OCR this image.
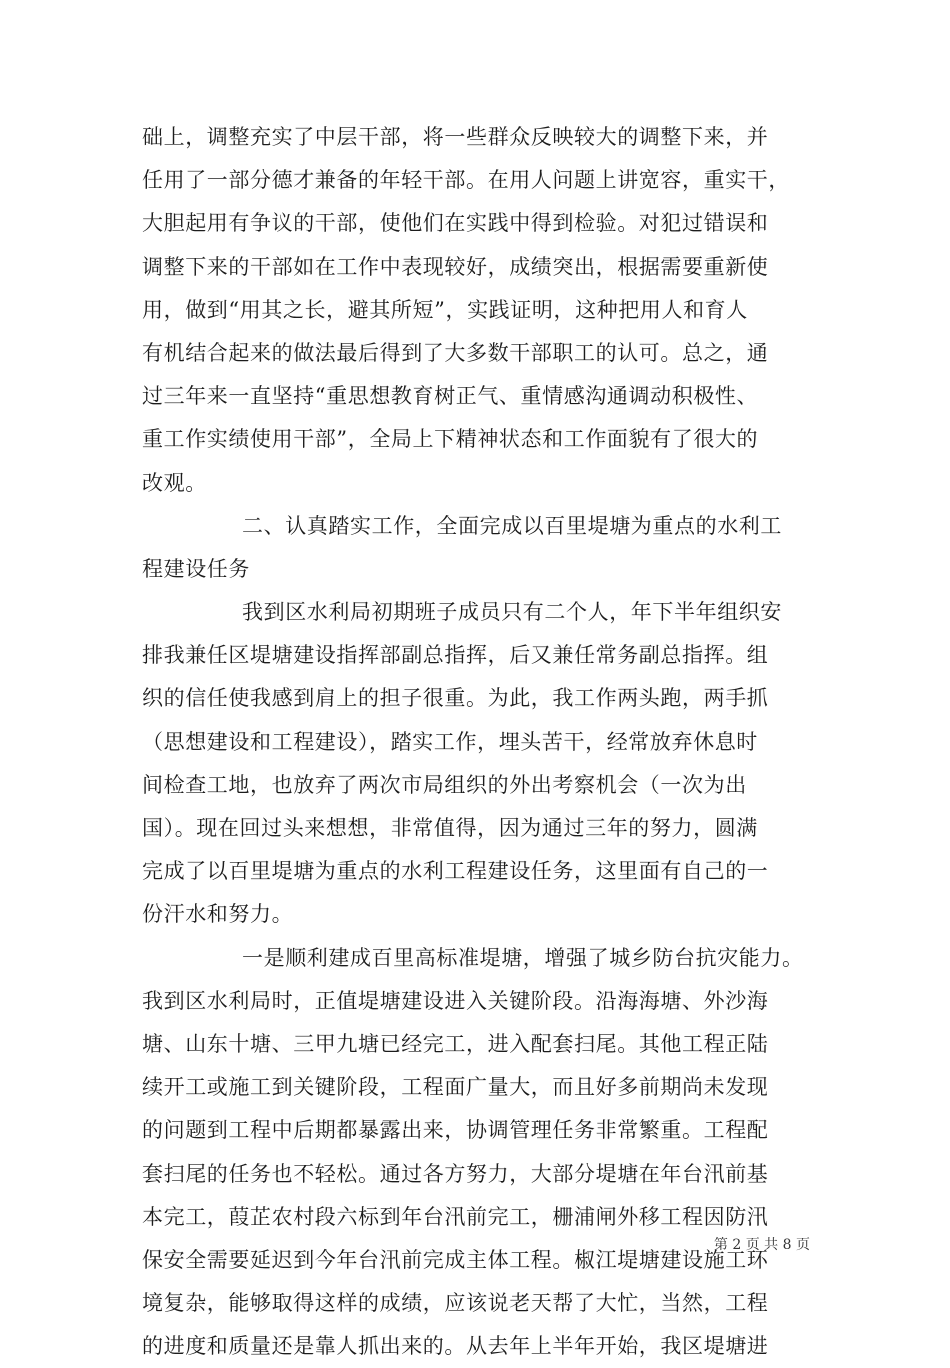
础上，调整充实了中层干部，将一些群众反映较大的调整下来，并
任用了一部分德才兼备的年轻干部。在用人问题上讲宽容，重实干，
大胆起用有争议的干部，使他们在实践中得到检验。对犯过错误和
调整下来的干部如在工作中表现较好，成绩突出，根据需要重新使
用，做到“用其之长，避其所短”，实践证明，这种把用人和育人
有机结合起来的做法最后得到了大多数干部职工的认可。总之，通
过三年来一直坚持“重思想教育树正气、重情感沟通调动积极性、
重工作实绩使用干部”，全局上下精神状态和工作面貌有了很大的
改观。
二、认真踏实工作，全面完成以百里堤塘为重点的水利工
程建设任务
我到区水利局初期班子成员只有二个人，年下半年组织安
排我兼任区堤塘建设指挥部副总指挥，后又兼任常务副总指挥。组
织的信任使我感到肩上的担子很重。为此，我工作两头跑，两手抓
（思想建设和工程建设），踏实工作，埋头苦干，经常放弃休息时
间检查工地，也放弃了两次市局组织的外出考察机会（一次为出
国）。现在回过头来想想，非常值得，因为通过三年的努力，圆满
完成了以百里堤塘为重点的水利工程建设任务，这里面有自己的一
份汗水和努力。
一是顺利建成百里高标准堤塘，增强了城乡防台抗灾能力。
我到区水利局时，正值堤塘建设进入关键阶段。沿海海塘、外沙海
塘、山东十塘、三甲九塘已经完工，进入配套扫尾。其他工程正陆
续开工或施工到关键阶段，工程面广量大，而且好多前期尚未发现
的问题到工程中后期都暴露出来，协调管理任务非常繁重。工程配
套扫尾的任务也不轻松。通过各方努力，大部分堤塘在年台汛前基
本完工，葭芷农村段六标到年台汛前完工，栅浦闸外移工程因防汛
保安全需要延迟到今年台汛前完成主体工程。椒江堤塘建设施工环
境复杂，能够取得这样的成绩，应该说老天帮了大忙，当然，工程
的进度和质量还是靠人抓出来的。从去年上半年开始，我区堤塘进
第 2 页 共 8 页
